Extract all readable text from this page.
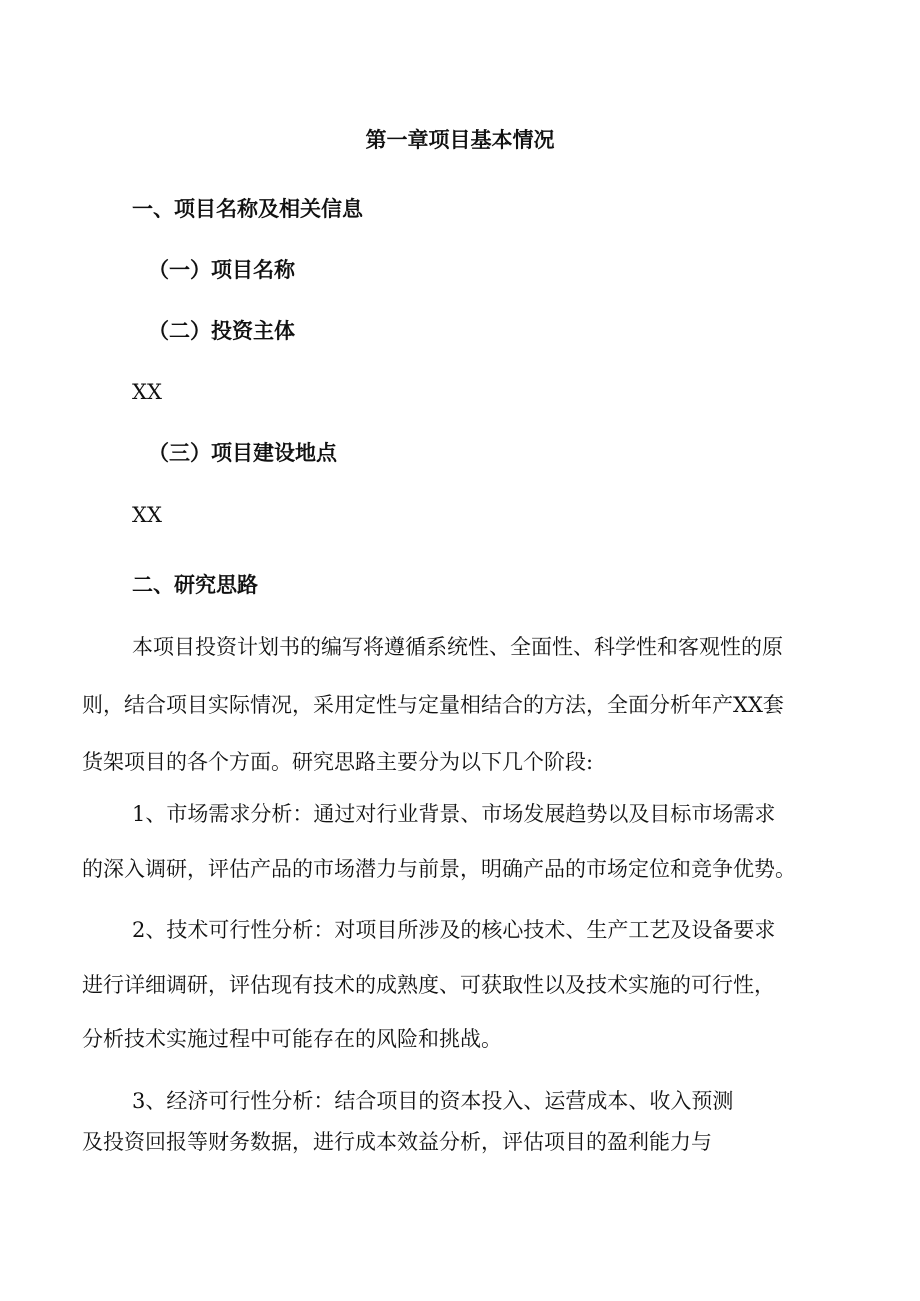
第一章项目基本情况
一、项目名称及相关信息
（一）项目名称
（二）投资主体
XX
（三）项目建设地点
XX
二、研究思路
本项目投资计划书的编写将遵循系统性、全面性、科学性和客观性的原
则，结合项目实际情况，采用定性与定量相结合的方法，全面分析年产XX套
货架项目的各个方面。研究思路主要分为以下几个阶段:
1、市场需求分析：通过对行业背景、市场发展趋势以及目标市场需求
的深入调研，评估产品的市场潜力与前景，明确产品的市场定位和竞争优势。
2、技术可行性分析：对项目所涉及的核心技术、生产工艺及设备要求
进行详细调研，评估现有技术的成熟度、可获取性以及技术实施的可行性，
分析技术实施过程中可能存在的风险和挑战。
3、经济可行性分析：结合项目的资本投入、运营成本、收入预测
及投资回报等财务数据，进行成本效益分析，评估项目的盈利能力与
